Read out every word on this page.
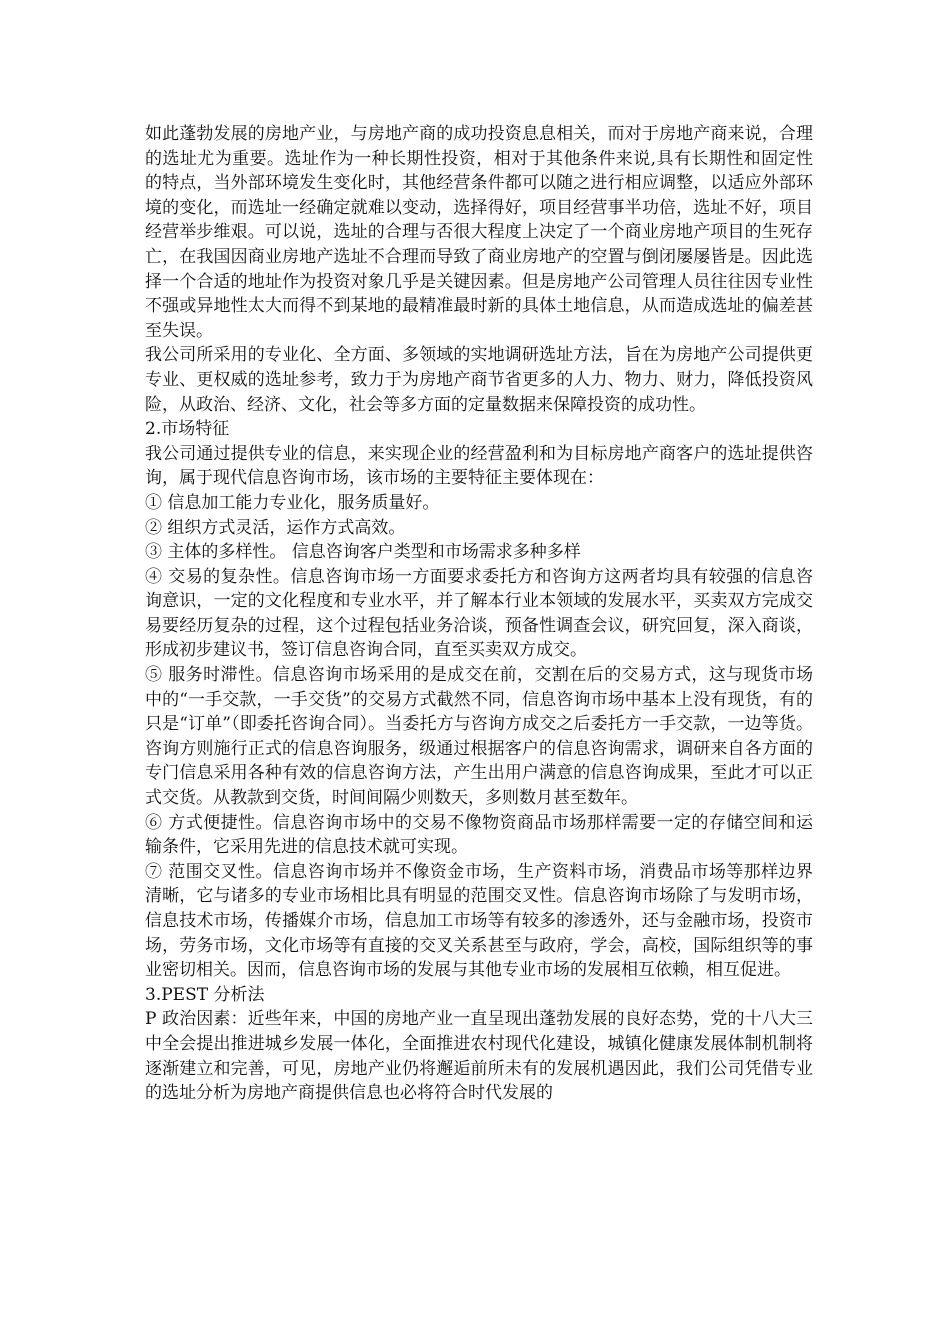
如此蓬勃发展的房地产业，与房地产商的成功投资息息相关，而对于房地产商来说，合理的选址尤为重要。选址作为一种长期性投资，相对于其他条件来说,具有长期性和固定性的特点，当外部环境发生变化时，其他经营条件都可以随之进行相应调整，以适应外部环境的变化，而选址一经确定就难以变动，选择得好，项目经营事半功倍，选址不好，项目经营举步维艰。可以说，选址的合理与否很大程度上决定了一个商业房地产项目的生死存亡，在我国因商业房地产选址不合理而导致了商业房地产的空置与倒闭屡屡皆是。因此选择一个合适的地址作为投资对象几乎是关键因素。但是房地产公司管理人员往往因专业性不强或异地性太大而得不到某地的最精准最时新的具体土地信息，从而造成选址的偏差甚至失误。

我公司所采用的专业化、全方面、多领域的实地调研选址方法，旨在为房地产公司提供更专业、更权威的选址参考，致力于为房地产商节省更多的人力、物力、财力，降低投资风险，从政治、经济、文化，社会等多方面的定量数据来保障投资的成功性。

2.市场特征

我公司通过提供专业的信息，来实现企业的经营盈利和为目标房地产商客户的选址提供咨询，属于现代信息咨询市场，该市场的主要特征主要体现在：

① 信息加工能力专业化，服务质量好。

② 组织方式灵活，运作方式高效。

③ 主体的多样性。 信息咨询客户类型和市场需求多种多样

④ 交易的复杂性。信息咨询市场一方面要求委托方和咨询方这两者均具有较强的信息咨询意识，一定的文化程度和专业水平，并了解本行业本领域的发展水平，买卖双方完成交易要经历复杂的过程，这个过程包括业务洽谈，预备性调查会议，研究回复，深入商谈，形成初步建议书，签订信息咨询合同，直至买卖双方成交。

⑤ 服务时滞性。信息咨询市场采用的是成交在前，交割在后的交易方式，这与现货市场中的“一手交款，一手交货”的交易方式截然不同，信息咨询市场中基本上没有现货，有的只是“订单”（即委托咨询合同）。当委托方与咨询方成交之后委托方一手交款，一边等货。咨询方则施行正式的信息咨询服务，级通过根据客户的信息咨询需求，调研来自各方面的专门信息采用各种有效的信息咨询方法，产生出用户满意的信息咨询成果，至此才可以正式交货。从教款到交货，时间间隔少则数天，多则数月甚至数年。

⑥ 方式便捷性。信息咨询市场中的交易不像物资商品市场那样需要一定的存储空间和运输条件，它采用先进的信息技术就可实现。

⑦ 范围交叉性。信息咨询市场并不像资金市场，生产资料市场，消费品市场等那样边界清晰，它与诸多的专业市场相比具有明显的范围交叉性。信息咨询市场除了与发明市场，信息技术市场，传播媒介市场，信息加工市场等有较多的渗透外，还与金融市场，投资市场，劳务市场，文化市场等有直接的交叉关系甚至与政府，学会，高校，国际组织等的事业密切相关。因而，信息咨询市场的发展与其他专业市场的发展相互依赖，相互促进。

3.PEST 分析法

P 政治因素：近些年来，中国的房地产业一直呈现出蓬勃发展的良好态势，党的十八大三中全会提出推进城乡发展一体化，全面推进农村现代化建设，城镇化健康发展体制机制将逐渐建立和完善，可见，房地产业仍将邂逅前所未有的发展机遇因此，我们公司凭借专业的选址分析为房地产商提供信息也必将符合时代发展的
